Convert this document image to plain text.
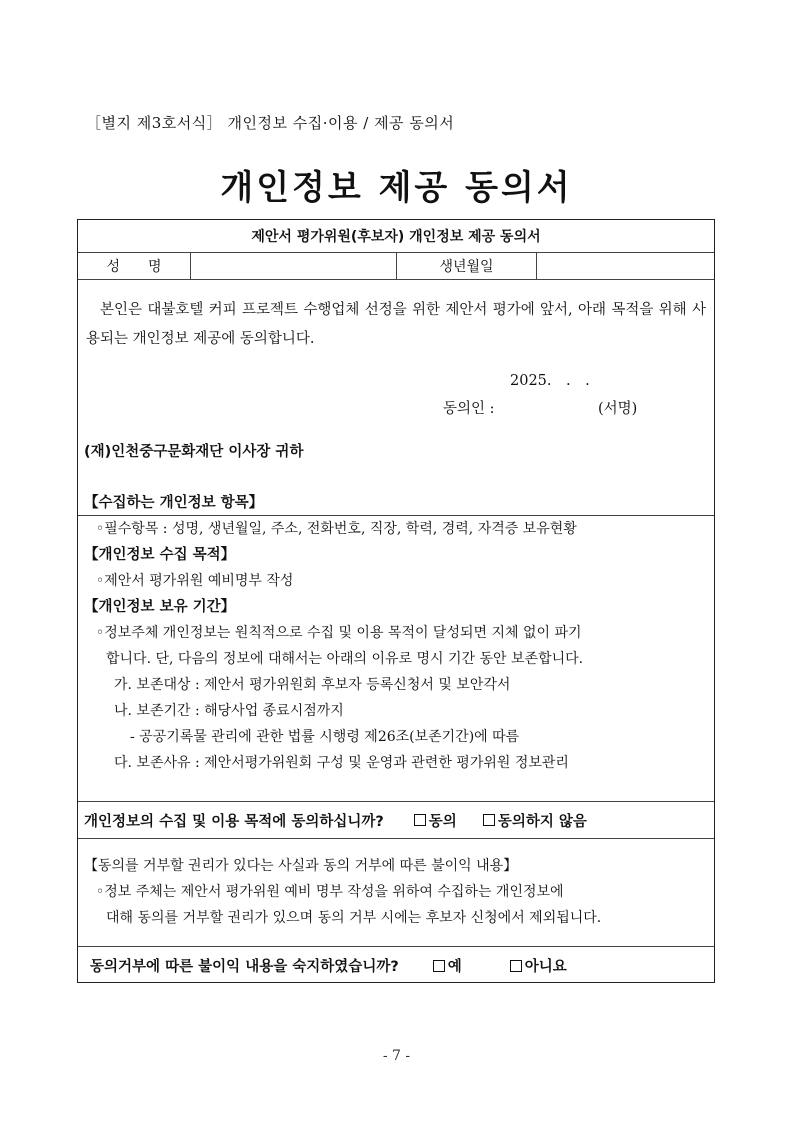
［별지 제3호서식］ 개인정보 수집·이용 / 제공 동의서
개인정보 제공 동의서
제안서 평가위원(후보자) 개인정보 제공 동의서
성　　명	생년월일
본인은 대불호텔 커피 프로젝트 수행업체 선정을 위한 제안서 평가에 앞서, 아래 목적을 위해 사용되는 개인정보 제공에 동의합니다.
2025.　.　.
동의인 :	(서명)
(재)인천중구문화재단 이사장 귀하
【수집하는 개인정보 항목】
◦필수항목 : 성명, 생년월일, 주소, 전화번호, 직장, 학력, 경력, 자격증 보유현황
【개인정보 수집 목적】
◦제안서 평가위원 예비명부 작성
【개인정보 보유 기간】
◦정보주체 개인정보는 원칙적으로 수집 및 이용 목적이 달성되면 지체 없이 파기
합니다. 단, 다음의 정보에 대해서는 아래의 이유로 명시 기간 동안 보존합니다.
가. 보존대상 : 제안서 평가위원회 후보자 등록신청서 및 보안각서
나. 보존기간 : 해당사업 종료시점까지
- 공공기록물 관리에 관한 법률 시행령 제26조(보존기간)에 따름
다. 보존사유 : 제안서평가위원회 구성 및 운영과 관련한 평가위원 정보관리
개인정보의 수집 및 이용 목적에 동의하십니까?	동의	동의하지 않음
【동의를 거부할 권리가 있다는 사실과 동의 거부에 따른 불이익 내용】
◦정보 주체는 제안서 평가위원 예비 명부 작성을 위하여 수집하는 개인정보에
대해 동의를 거부할 권리가 있으며 동의 거부 시에는 후보자 신청에서 제외됩니다.
동의거부에 따른 불이익 내용을 숙지하였습니까?	예	아니요
- 7 -
